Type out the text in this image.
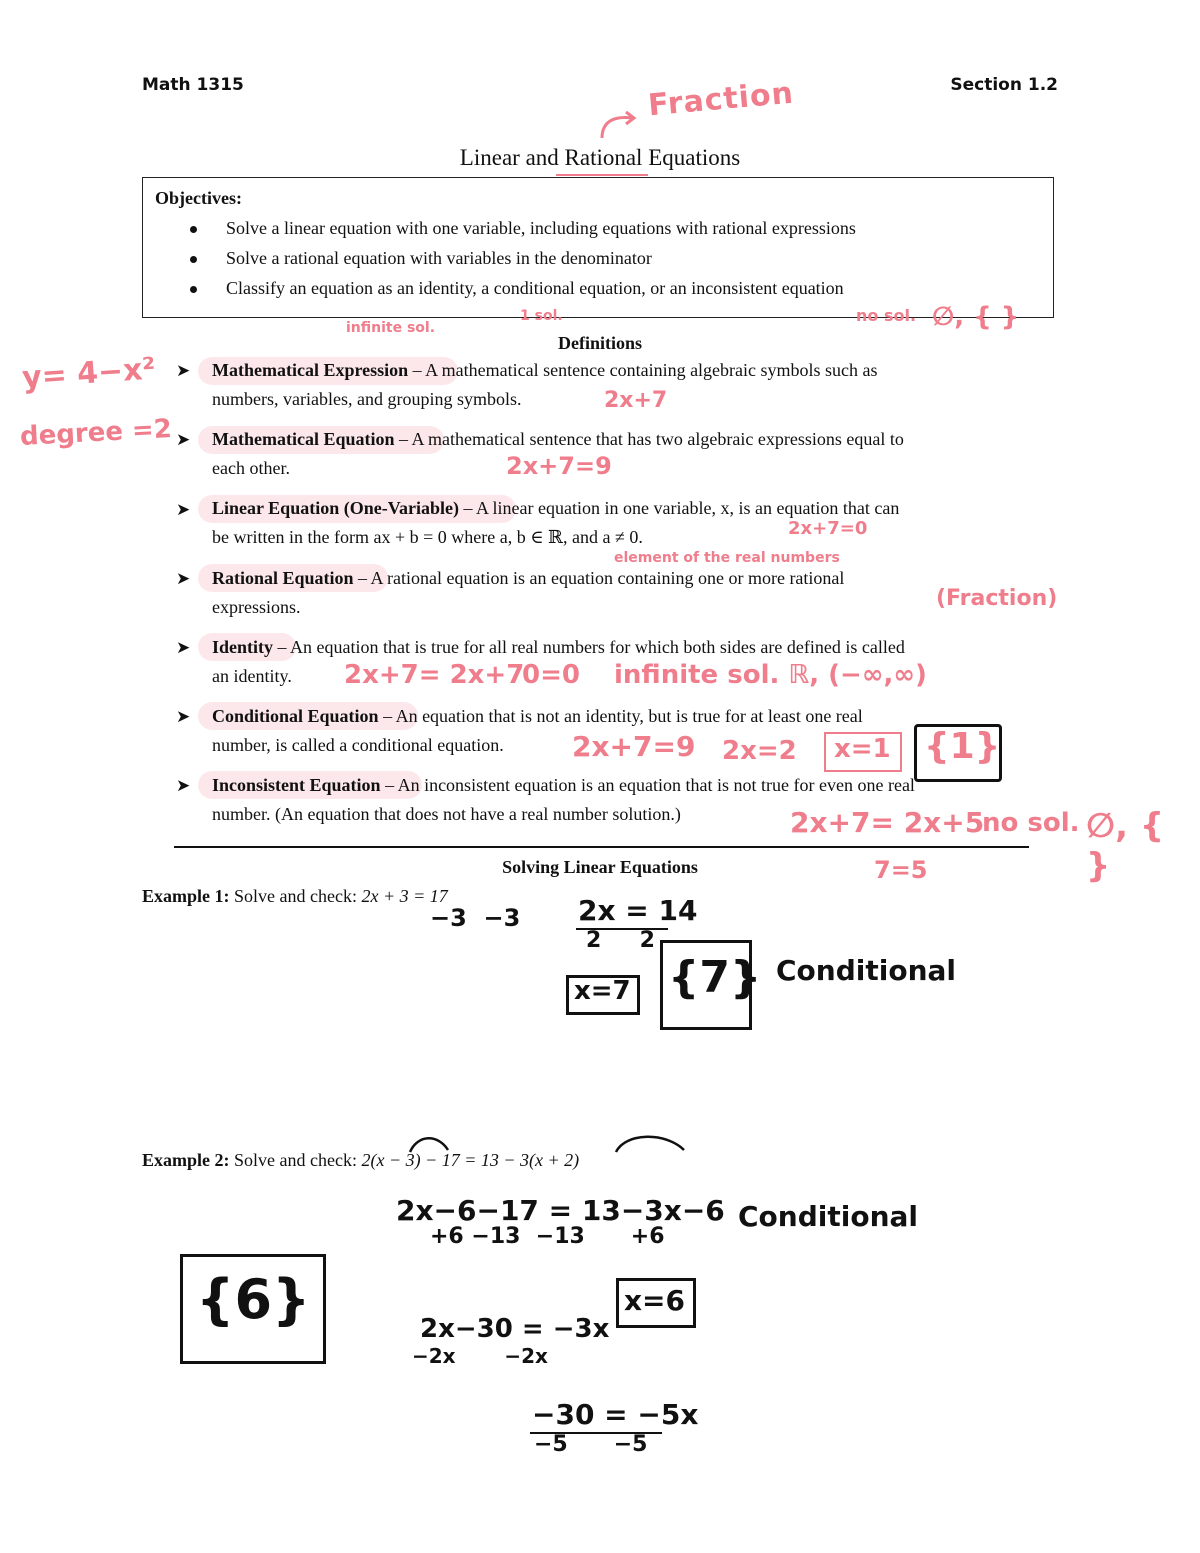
Math 1315	Section 1.2
Fraction
Linear and Rational Equations
Objectives:
Solve a linear equation with one variable, including equations with rational expressions
Solve a rational equation with variables in the denominator
Classify an equation as an identity, a conditional equation, or an inconsistent equation
infinite sol.
1 sol.	no sol. ∅, { }
y= 4−x²
degree =2
Definitions
➤ Mathematical Expression – A mathematical sentence containing algebraic symbols such as
numbers, variables, and grouping symbols.	2x+7
➤ Mathematical Equation – A mathematical sentence that has two algebraic expressions equal to
each other.	2x+7=9
➤ Linear Equation (One-Variable) – A linear equation in one variable, x, is an equation that can
be written in the form ax + b = 0 where a, b ∈ ℝ, and a ≠ 0.	2x+7=0
element of the real numbers
➤ Rational Equation – A rational equation is an equation containing one or more rational
expressions.	(Fraction)
➤ Identity – An equation that is true for all real numbers for which both sides are defined is called
an identity. 2x+7= 2x+7
0=0 infinite sol. ℝ, (−∞,∞)
➤ Conditional Equation – An equation that is not an identity, but is true for at least one real
number, is called a conditional equation. 2x+7=9 2x=2 x=1 {1}
➤ Inconsistent Equation – An inconsistent equation is an equation that is not true for even one real
number. (An equation that does not have a real number solution.)	2x+7= 2x+5
no sol. ∅, { }
7=5
Solving Linear Equations
Example 1: Solve and check: 2x + 3 = 17
−3  −3 2x = 14
2     2
x=7 {7} Conditional
Example 2: Solve and check: 2(x − 3) − 17 = 13 − 3(x + 2)
2x−6−17 = 13−3x−6
+6 −13  −13      +6
Conditional
{6}	x=6
2x−30 = −3x
−2x       −2x
−30 = −5x
−5      −5
